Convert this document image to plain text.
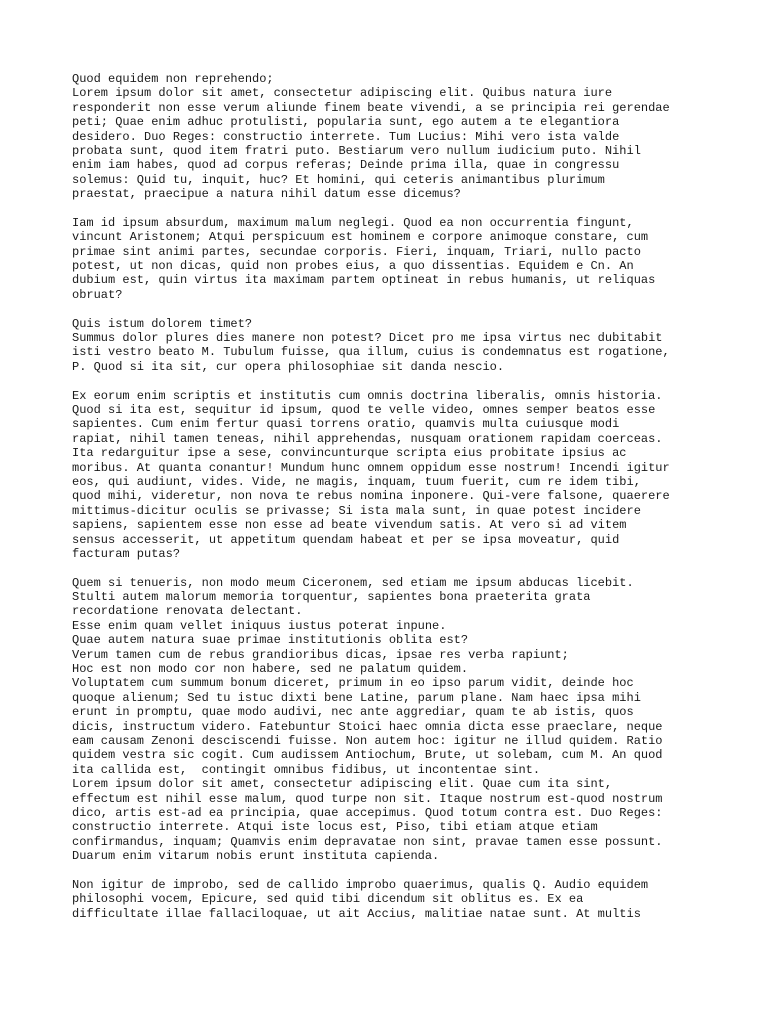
Quod equidem non reprehendo;
Lorem ipsum dolor sit amet, consectetur adipiscing elit. Quibus natura iure
responderit non esse verum aliunde finem beate vivendi, a se principia rei gerendae
peti; Quae enim adhuc protulisti, popularia sunt, ego autem a te elegantiora
desidero. Duo Reges: constructio interrete. Tum Lucius: Mihi vero ista valde
probata sunt, quod item fratri puto. Bestiarum vero nullum iudicium puto. Nihil
enim iam habes, quod ad corpus referas; Deinde prima illa, quae in congressu
solemus: Quid tu, inquit, huc? Et homini, qui ceteris animantibus plurimum
praestat, praecipue a natura nihil datum esse dicemus?
Iam id ipsum absurdum, maximum malum neglegi. Quod ea non occurrentia fingunt,
vincunt Aristonem; Atqui perspicuum est hominem e corpore animoque constare, cum
primae sint animi partes, secundae corporis. Fieri, inquam, Triari, nullo pacto
potest, ut non dicas, quid non probes eius, a quo dissentias. Equidem e Cn. An
dubium est, quin virtus ita maximam partem optineat in rebus humanis, ut reliquas
obruat?
Quis istum dolorem timet?
Summus dolor plures dies manere non potest? Dicet pro me ipsa virtus nec dubitabit
isti vestro beato M. Tubulum fuisse, qua illum, cuius is condemnatus est rogatione,
P. Quod si ita sit, cur opera philosophiae sit danda nescio.
Ex eorum enim scriptis et institutis cum omnis doctrina liberalis, omnis historia.
Quod si ita est, sequitur id ipsum, quod te velle video, omnes semper beatos esse
sapientes. Cum enim fertur quasi torrens oratio, quamvis multa cuiusque modi
rapiat, nihil tamen teneas, nihil apprehendas, nusquam orationem rapidam coerceas.
Ita redarguitur ipse a sese, convincunturque scripta eius probitate ipsius ac
moribus. At quanta conantur! Mundum hunc omnem oppidum esse nostrum! Incendi igitur
eos, qui audiunt, vides. Vide, ne magis, inquam, tuum fuerit, cum re idem tibi,
quod mihi, videretur, non nova te rebus nomina inponere. Qui-vere falsone, quaerere
mittimus-dicitur oculis se privasse; Si ista mala sunt, in quae potest incidere
sapiens, sapientem esse non esse ad beate vivendum satis. At vero si ad vitem
sensus accesserit, ut appetitum quendam habeat et per se ipsa moveatur, quid
facturam putas?
Quem si tenueris, non modo meum Ciceronem, sed etiam me ipsum abducas licebit.
Stulti autem malorum memoria torquentur, sapientes bona praeterita grata
recordatione renovata delectant.
Esse enim quam vellet iniquus iustus poterat inpune.
Quae autem natura suae primae institutionis oblita est?
Verum tamen cum de rebus grandioribus dicas, ipsae res verba rapiunt;
Hoc est non modo cor non habere, sed ne palatum quidem.
Voluptatem cum summum bonum diceret, primum in eo ipso parum vidit, deinde hoc
quoque alienum; Sed tu istuc dixti bene Latine, parum plane. Nam haec ipsa mihi
erunt in promptu, quae modo audivi, nec ante aggrediar, quam te ab istis, quos
dicis, instructum videro. Fatebuntur Stoici haec omnia dicta esse praeclare, neque
eam causam Zenoni desciscendi fuisse. Non autem hoc: igitur ne illud quidem. Ratio
quidem vestra sic cogit. Cum audissem Antiochum, Brute, ut solebam, cum M. An quod
ita callida est,  contingit omnibus fidibus, ut incontentae sint.
Lorem ipsum dolor sit amet, consectetur adipiscing elit. Quae cum ita sint,
effectum est nihil esse malum, quod turpe non sit. Itaque nostrum est-quod nostrum
dico, artis est-ad ea principia, quae accepimus. Quod totum contra est. Duo Reges:
constructio interrete. Atqui iste locus est, Piso, tibi etiam atque etiam
confirmandus, inquam; Quamvis enim depravatae non sint, pravae tamen esse possunt.
Duarum enim vitarum nobis erunt instituta capienda.
Non igitur de improbo, sed de callido improbo quaerimus, qualis Q. Audio equidem
philosophi vocem, Epicure, sed quid tibi dicendum sit oblitus es. Ex ea
difficultate illae fallaciloquae, ut ait Accius, malitiae natae sunt. At multis
